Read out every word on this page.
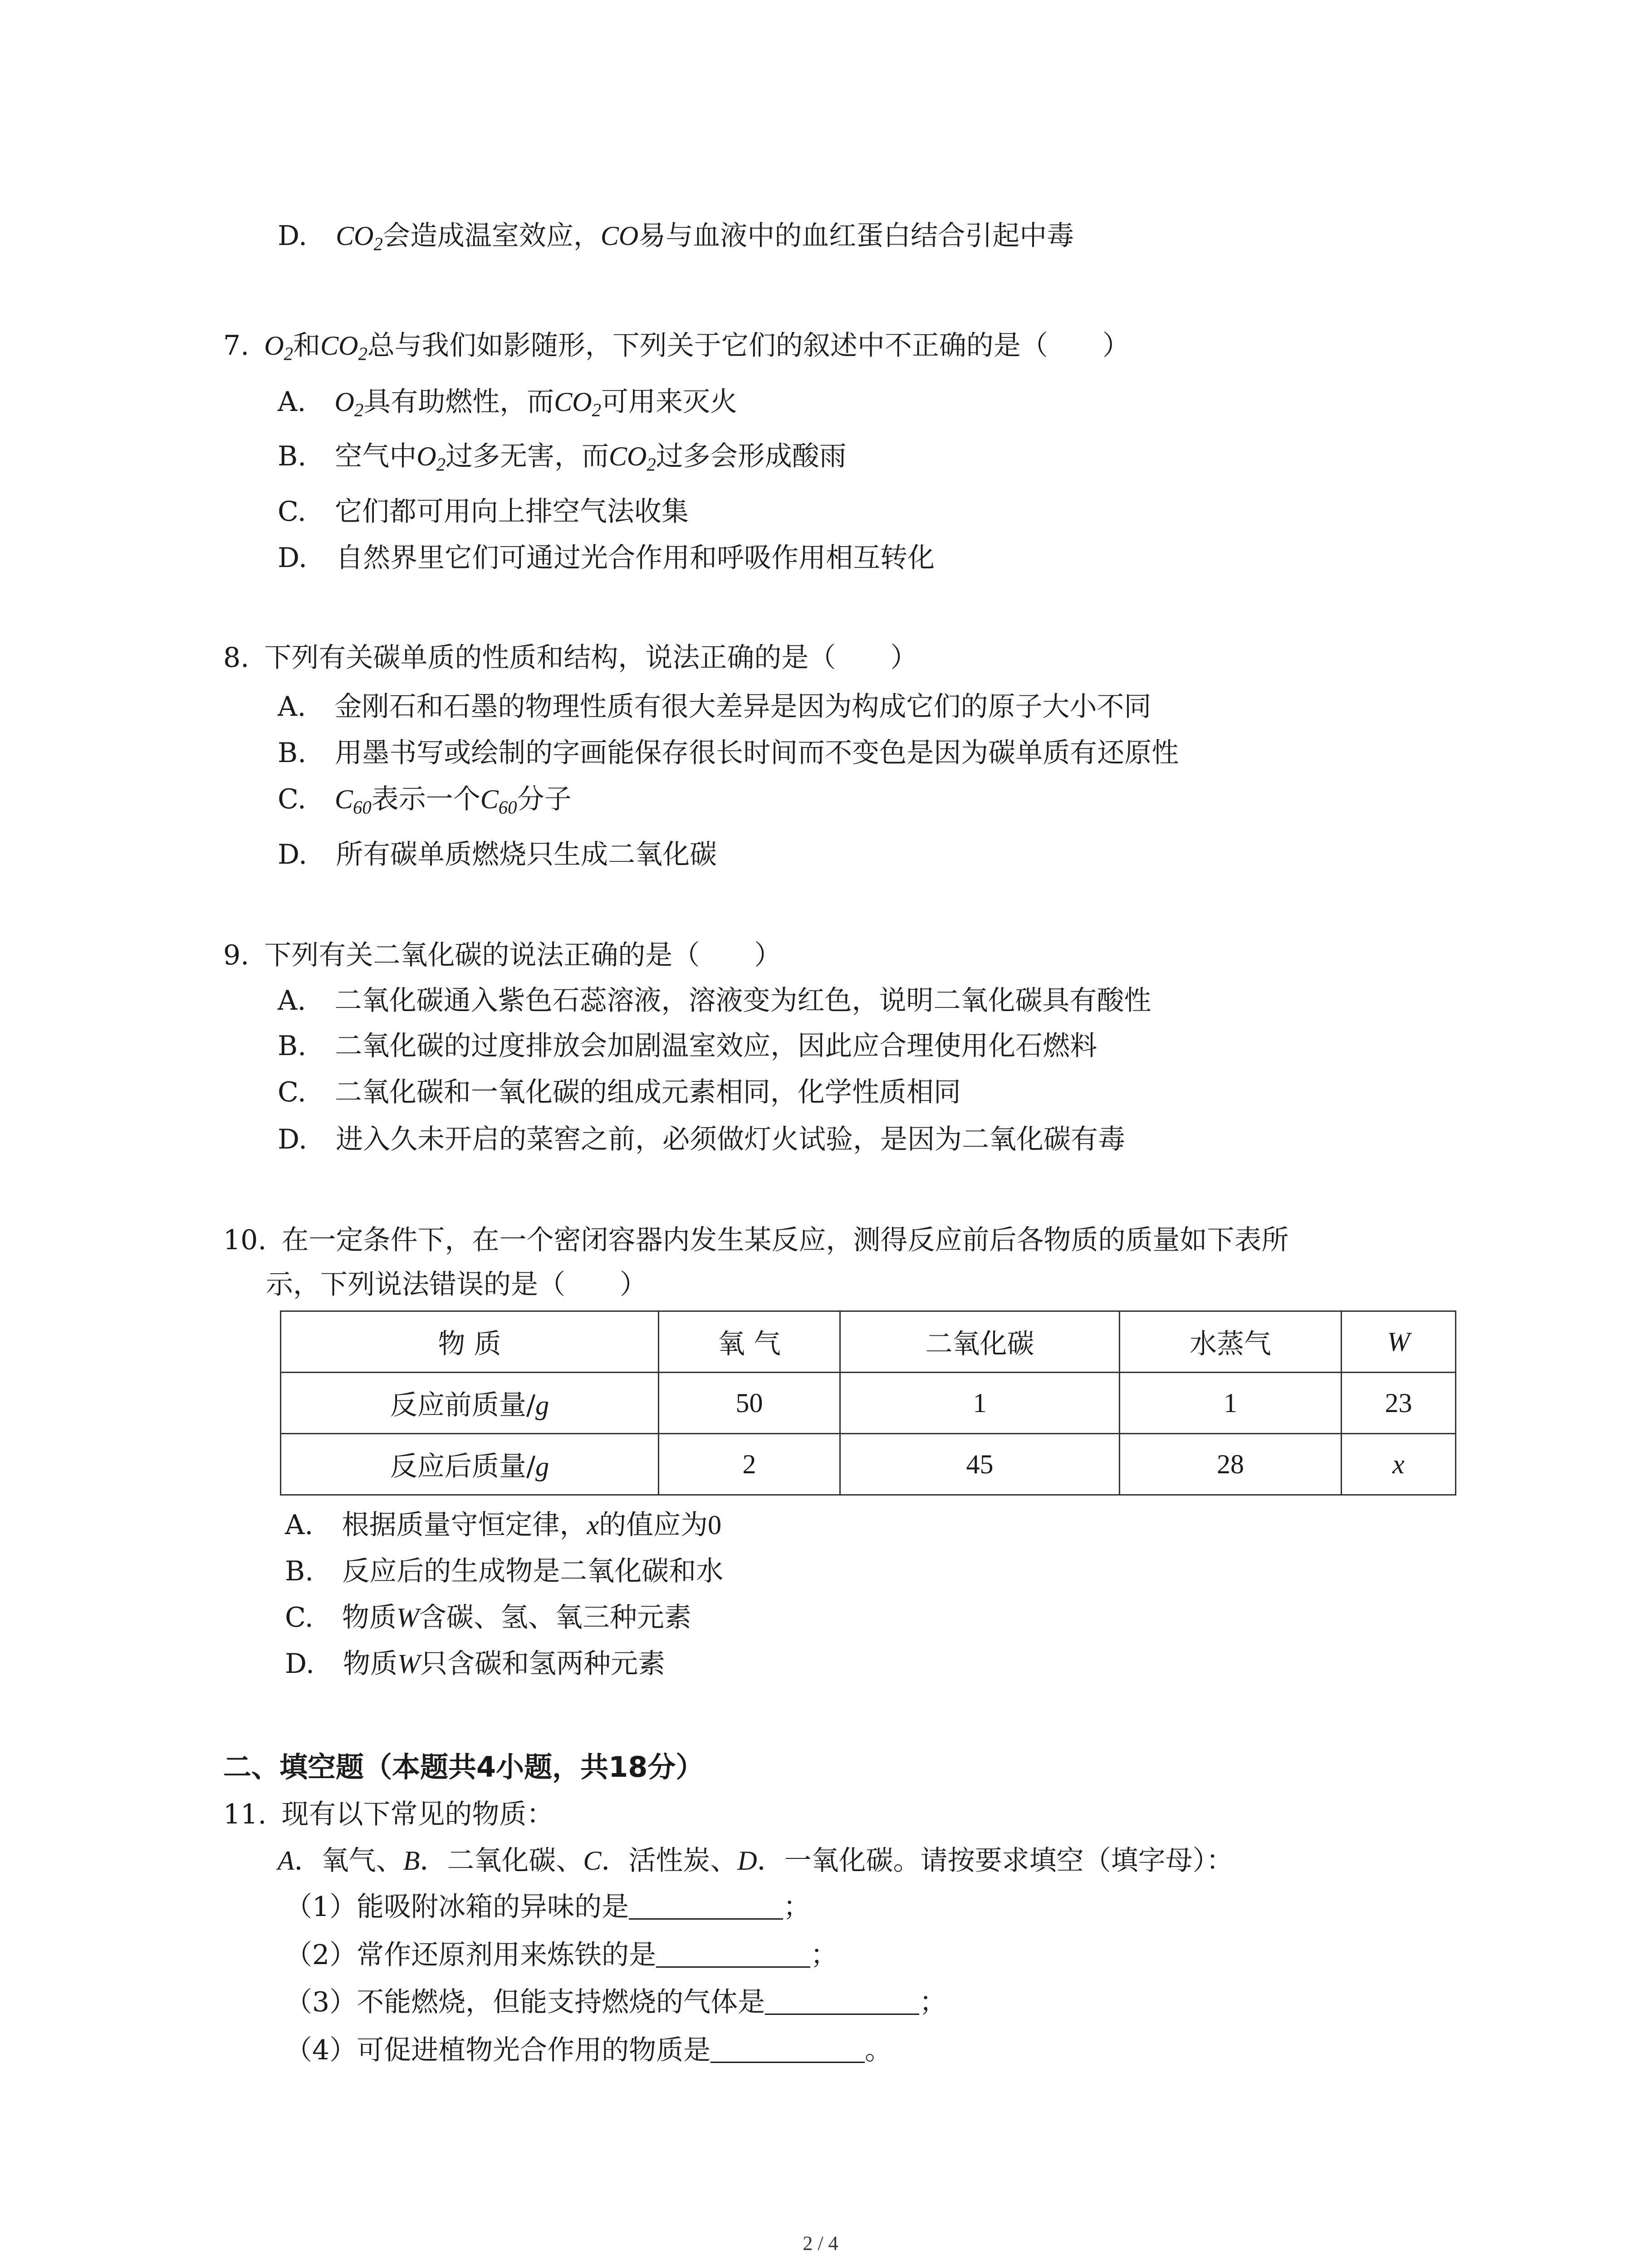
D. $CO_2$会造成温室效应，CO易与血液中的血红蛋白结合引起中毒
7. $O_2$和$CO_2$总与我们如影随形，下列关于它们的叙述中不正确的是（　　）
A. $O_2$具有助燃性，而$CO_2$可用来灭火
B. 空气中$O_2$过多无害，而$CO_2$过多会形成酸雨
C. 它们都可用向上排空气法收集
D. 自然界里它们可通过光合作用和呼吸作用相互转化
8. 下列有关碳单质的性质和结构，说法正确的是（　　）
A. 金刚石和石墨的物理性质有很大差异是因为构成它们的原子大小不同
B. 用墨书写或绘制的字画能保存很长时间而不变色是因为碳单质有还原性
C. $C_{60}$表示一个$C_{60}$分子
D. 所有碳单质燃烧只生成二氧化碳
9. 下列有关二氧化碳的说法正确的是（　　）
A. 二氧化碳通入紫色石蕊溶液，溶液变为红色，说明二氧化碳具有酸性
B. 二氧化碳的过度排放会加剧温室效应，因此应合理使用化石燃料
C. 二氧化碳和一氧化碳的组成元素相同，化学性质相同
D. 进入久未开启的菜窖之前，必须做灯火试验，是因为二氧化碳有毒
10. 在一定条件下，在一个密闭容器内发生某反应，测得反应前后各物质的质量如下表所
示，下列说法错误的是（　　）
物 质	氧 气	二氧化碳	水蒸气	W
反应前质量/g	50	1	1	23
反应后质量/g	2	45	28	x
A. 根据质量守恒定律，x的值应为0
B. 反应后的生成物是二氧化碳和水
C. 物质W含碳、氢、氧三种元素
D. 物质W只含碳和氢两种元素
二、填空题（本题共4小题，共18分）
11. 现有以下常见的物质：
A．氧气、B．二氧化碳、C．活性炭、D．一氧化碳。请按要求填空（填字母）：
（1）能吸附冰箱的异味的是	；
（2）常作还原剂用来炼铁的是	；
（3）不能燃烧，但能支持燃烧的气体是	；
（4）可促进植物光合作用的物质是	。
2 / 4
